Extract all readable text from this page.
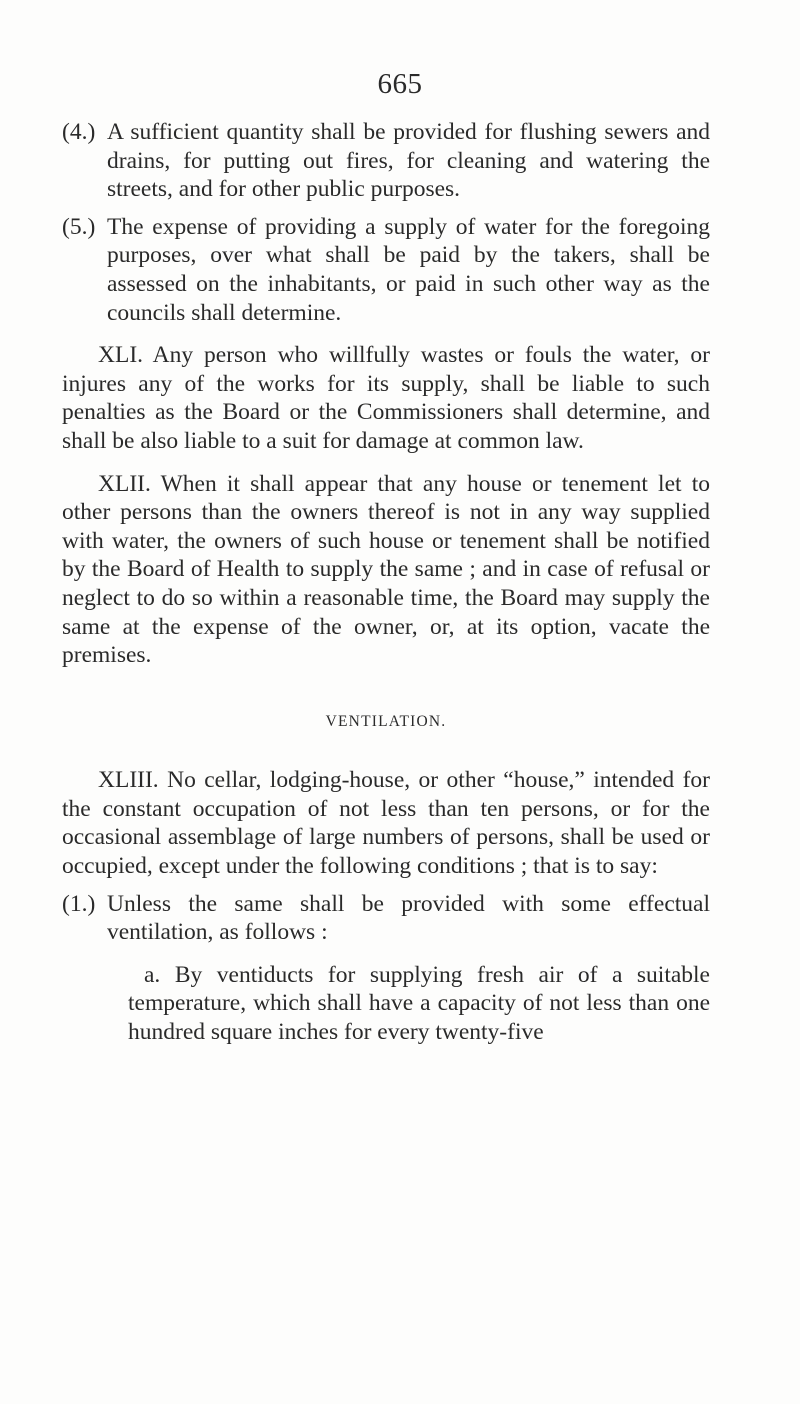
665
(4.) A sufficient quantity shall be provided for flushing sewers and drains, for putting out fires, for cleaning and watering the streets, and for other public purposes.
(5.) The expense of providing a supply of water for the foregoing purposes, over what shall be paid by the takers, shall be assessed on the inhabitants, or paid in such other way as the councils shall determine.

XLI. Any person who willfully wastes or fouls the water, or injures any of the works for its supply, shall be liable to such penalties as the Board or the Commissioners shall determine, and shall be also liable to a suit for damage at common law.

XLII. When it shall appear that any house or tenement let to other persons than the owners thereof is not in any way supplied with water, the owners of such house or tenement shall be notified by the Board of Health to supply the same ; and in case of refusal or neglect to do so within a reasonable time, the Board may supply the same at the expense of the owner, or, at its option, vacate the premises.

VENTILATION.

XLIII. No cellar, lodging-house, or other “house,” intended for the constant occupation of not less than ten persons, or for the occasional assemblage of large numbers of persons, shall be used or occupied, except under the following conditions ; that is to say:

(1.) Unless the same shall be provided with some effectual ventilation, as follows :

a. By ventiducts for supplying fresh air of a suitable temperature, which shall have a capacity of not less than one hundred square inches for every twenty-five
